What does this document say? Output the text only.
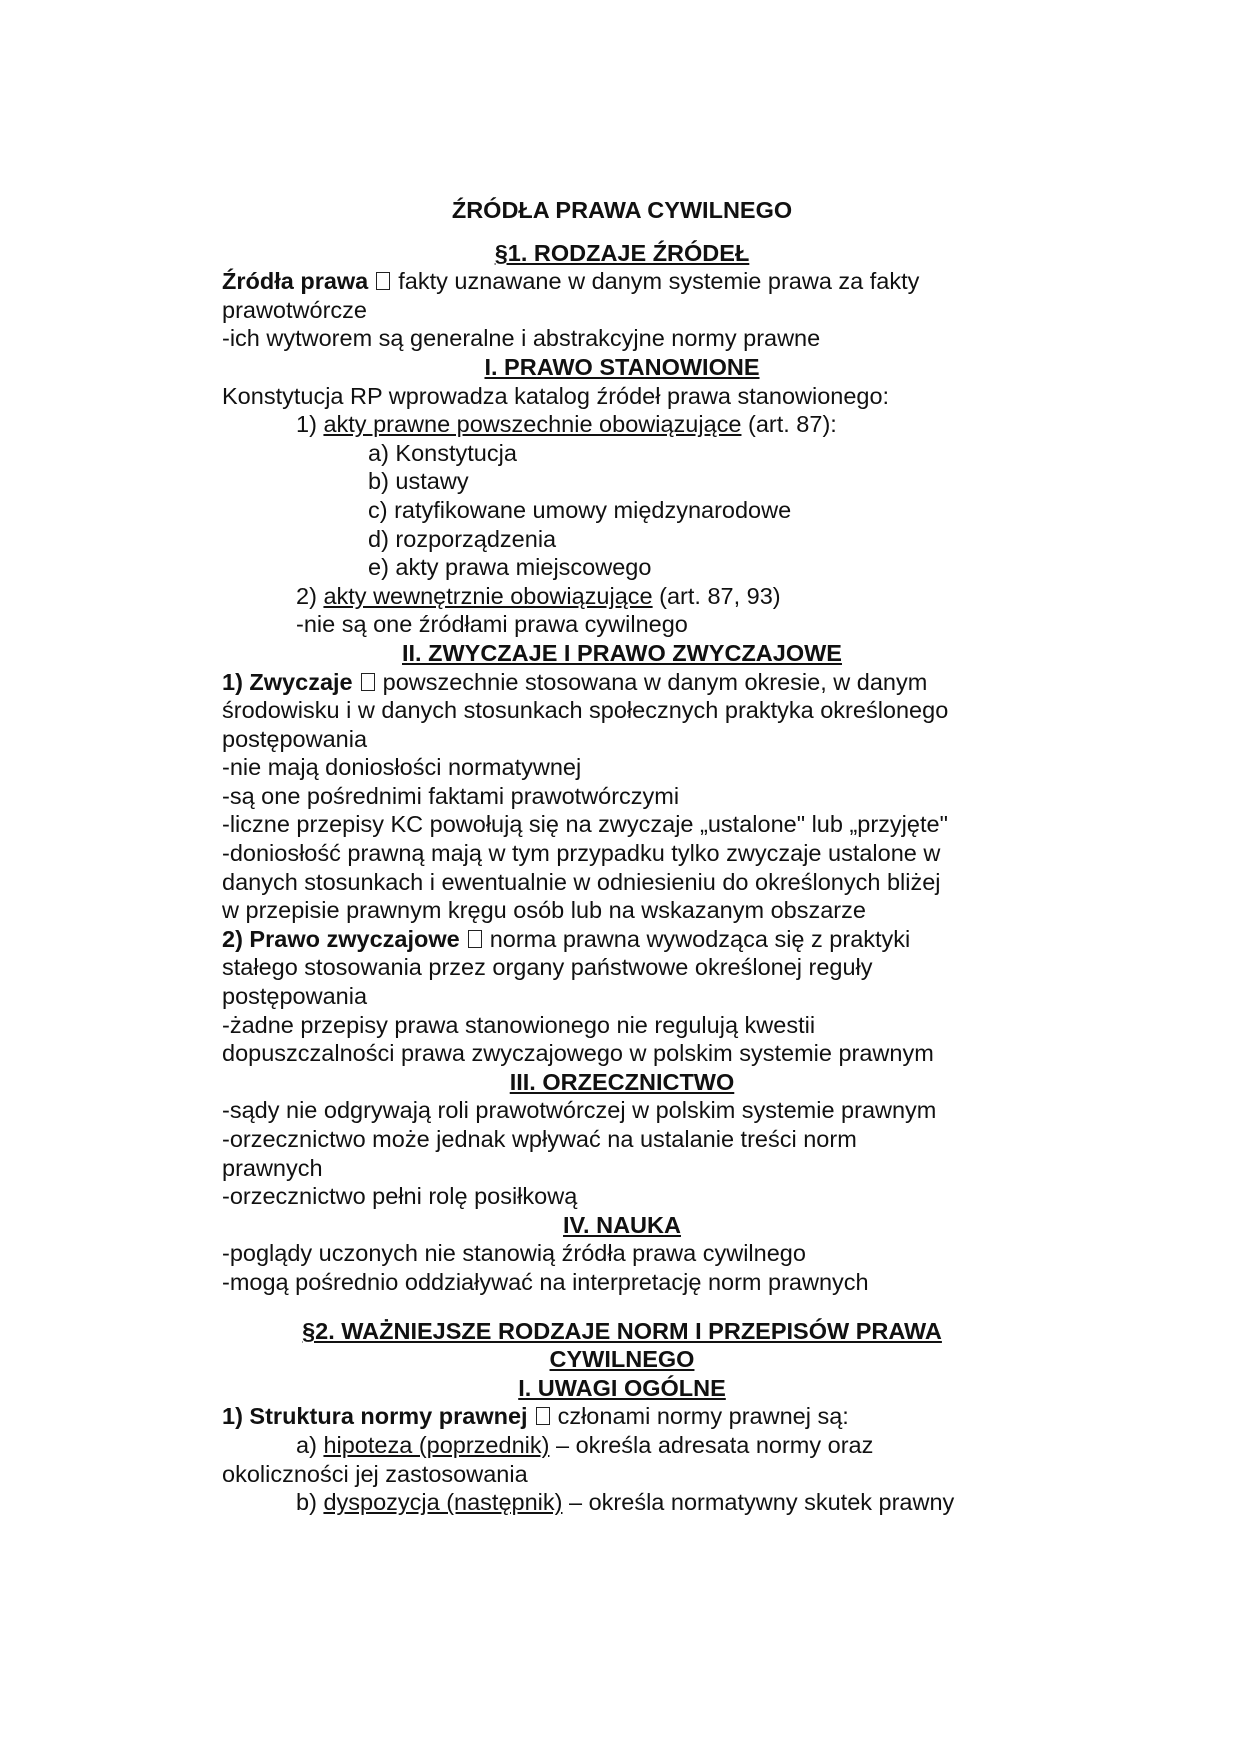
ŹRÓDŁA PRAWA CYWILNEGO
§1. RODZAJE ŹRÓDEŁ
Źródła prawa fakty uznawane w danym systemie prawa za fakty
prawotwórcze
-ich wytworem są generalne i abstrakcyjne normy prawne
I. PRAWO STANOWIONE
Konstytucja RP wprowadza katalog źródeł prawa stanowionego:
1) akty prawne powszechnie obowiązujące (art. 87):
a) Konstytucja
b) ustawy
c) ratyfikowane umowy międzynarodowe
d) rozporządzenia
e) akty prawa miejscowego
2) akty wewnętrznie obowiązujące (art. 87, 93)
-nie są one źródłami prawa cywilnego
II. ZWYCZAJE I PRAWO ZWYCZAJOWE
1) Zwyczaje powszechnie stosowana w danym okresie, w danym
środowisku i w danych stosunkach społecznych praktyka określonego
postępowania
-nie mają doniosłości normatywnej
-są one pośrednimi faktami prawotwórczymi
-liczne przepisy KC powołują się na zwyczaje „ustalone" lub „przyjęte"
-doniosłość prawną mają w tym przypadku tylko zwyczaje ustalone w
danych stosunkach i ewentualnie w odniesieniu do określonych bliżej
w przepisie prawnym kręgu osób lub na wskazanym obszarze
2) Prawo zwyczajowe norma prawna wywodząca się z praktyki
stałego stosowania przez organy państwowe określonej reguły
postępowania
-żadne przepisy prawa stanowionego nie regulują kwestii
dopuszczalności prawa zwyczajowego w polskim systemie prawnym
III. ORZECZNICTWO
-sądy nie odgrywają roli prawotwórczej w polskim systemie prawnym
-orzecznictwo może jednak wpływać na ustalanie treści norm
prawnych
-orzecznictwo pełni rolę posiłkową
IV. NAUKA
-poglądy uczonych nie stanowią źródła prawa cywilnego
-mogą pośrednio oddziaływać na interpretację norm prawnych
§2. WAŻNIEJSZE RODZAJE NORM I PRZEPISÓW PRAWA
CYWILNEGO
I. UWAGI OGÓLNE
1) Struktura normy prawnej członami normy prawnej są:
a) hipoteza (poprzednik) – określa adresata normy oraz
okoliczności jej zastosowania
b) dyspozycja (następnik) – określa normatywny skutek prawny
